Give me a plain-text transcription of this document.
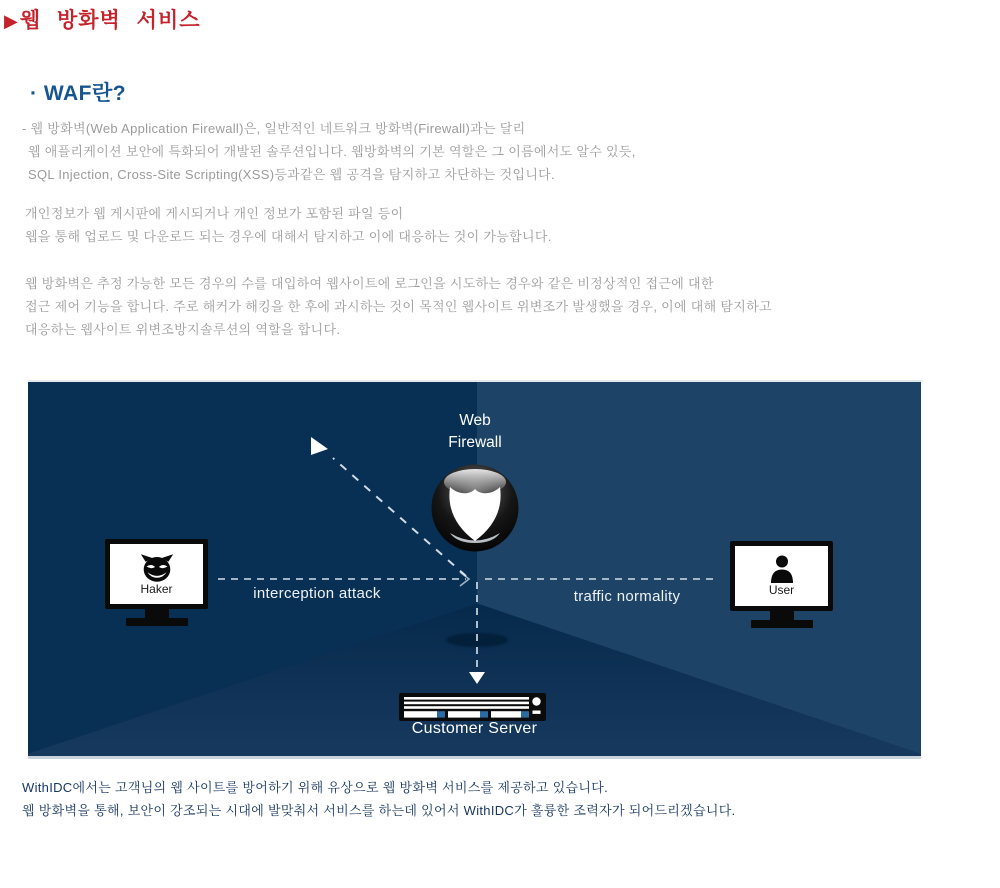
▶웹 방화벽 서비스
· WAF란?
- 웹 방화벽(Web Application Firewall)은, 일반적인 네트워크 방화벽(Firewall)과는 달리
웹 애플리케이션 보안에 특화되어 개발된 솔루션입니다. 웹방화벽의 기본 역할은 그 이름에서도 알수 있듯,
SQL Injection, Cross-Site Scripting(XSS)등과같은 웹 공격을 탐지하고 차단하는 것입니다.
개인정보가 웹 게시판에 게시되거나 개인 정보가 포함된 파일 등이
웹을 통해 업로드 및 다운로드 되는 경우에 대해서 탐지하고 이에 대응하는 것이 가능합니다.
웹 방화벽은 추정 가능한 모든 경우의 수를 대입하여 웹사이트에 로그인을 시도하는 경우와 같은 비정상적인 접근에 대한
접근 제어 기능을 합니다. 주로 해커가 해킹을 한 후에 과시하는 것이 목적인 웹사이트 위변조가 발생했을 경우, 이에 대해 탐지하고
대응하는 웹사이트 위변조방지솔루션의 역할을 합니다.
Web
Firewall
Haker	User
interception attack	traffic normality
Customer Server
WithIDC에서는 고객님의 웹 사이트를 방어하기 위해 유상으로 웹 방화벽 서비스를 제공하고 있습니다.
웹 방화벽을 통해, 보안이 강조되는 시대에 발맞춰서 서비스를 하는데 있어서 WithIDC가 훌륭한 조력자가 되어드리겠습니다.
